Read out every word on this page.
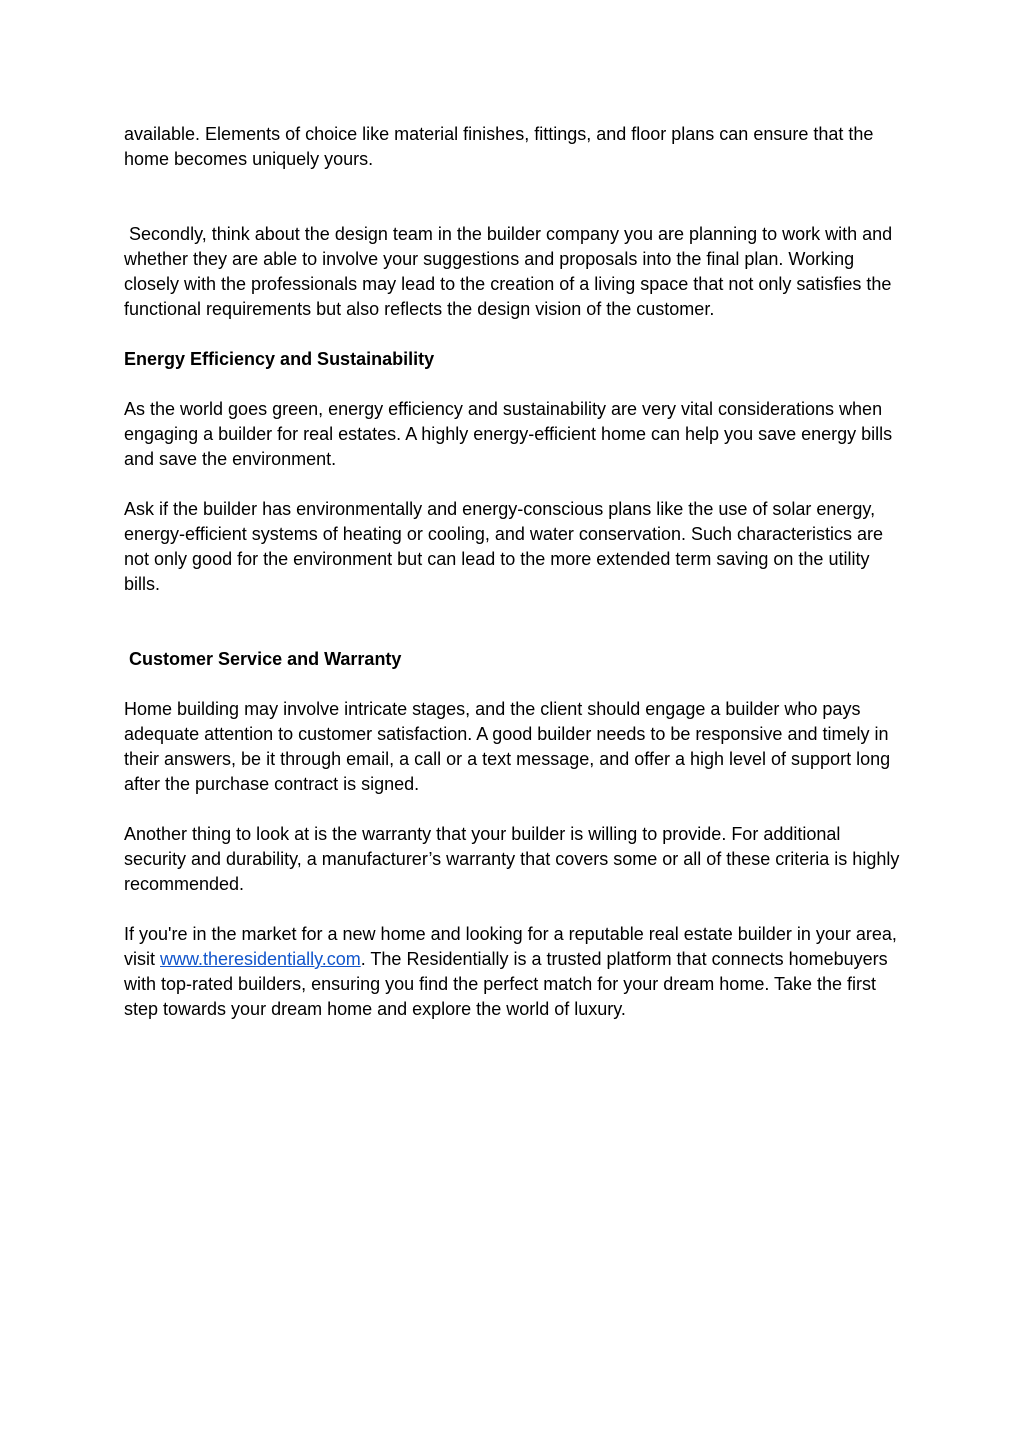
available. Elements of choice like material finishes, fittings, and floor plans can ensure that the home becomes uniquely yours.

Secondly, think about the design team in the builder company you are planning to work with and whether they are able to involve your suggestions and proposals into the final plan. Working closely with the professionals may lead to the creation of a living space that not only satisfies the functional requirements but also reflects the design vision of the customer.

Energy Efficiency and Sustainability

As the world goes green, energy efficiency and sustainability are very vital considerations when engaging a builder for real estates. A highly energy-efficient home can help you save energy bills and save the environment.

Ask if the builder has environmentally and energy-conscious plans like the use of solar energy, energy-efficient systems of heating or cooling, and water conservation. Such characteristics are not only good for the environment but can lead to the more extended term saving on the utility bills.

Customer Service and Warranty

Home building may involve intricate stages, and the client should engage a builder who pays adequate attention to customer satisfaction. A good builder needs to be responsive and timely in their answers, be it through email, a call or a text message, and offer a high level of support long after the purchase contract is signed.

Another thing to look at is the warranty that your builder is willing to provide. For additional security and durability, a manufacturer’s warranty that covers some or all of these criteria is highly recommended.

If you're in the market for a new home and looking for a reputable real estate builder in your area, visit www.theresidentially.com. The Residentially is a trusted platform that connects homebuyers with top-rated builders, ensuring you find the perfect match for your dream home. Take the first step towards your dream home and explore the world of luxury.
